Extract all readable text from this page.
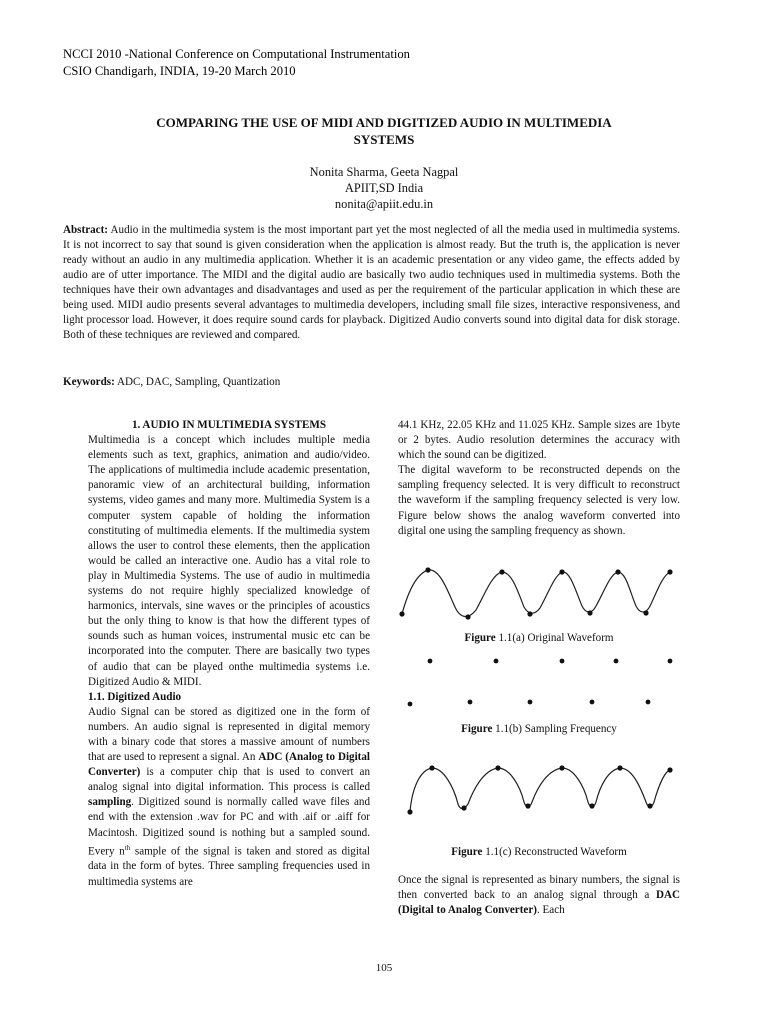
NCCI 2010 -National Conference on Computational Instrumentation
CSIO Chandigarh, INDIA, 19-20 March 2010
COMPARING THE USE OF MIDI AND DIGITIZED AUDIO IN MULTIMEDIA
SYSTEMS
Nonita Sharma, Geeta Nagpal
APIIT,SD India
nonita@apiit.edu.in

Abstract: Audio in the multimedia system is the most important part yet the most neglected of all the media used in multimedia systems. It is not incorrect to say that sound is given consideration when the application is almost ready. But the truth is, the application is never ready without an audio in any multimedia application. Whether it is an academic presentation or any video game, the effects added by audio are of utter importance. The MIDI and the digital audio are basically two audio techniques used in multimedia systems. Both the techniques have their own advantages and disadvantages and used as per the requirement of the particular application in which these are being used. MIDI audio presents several advantages to multimedia developers, including small file sizes, interactive responsiveness, and light processor load. However, it does require sound cards for playback. Digitized Audio converts sound into digital data for disk storage. Both of these techniques are reviewed and compared.

Keywords: ADC, DAC, Sampling, Quantization

1. AUDIO IN MULTIMEDIA SYSTEMS

Multimedia is a concept which includes multiple media elements such as text, graphics, animation and audio/video. The applications of multimedia include academic presentation, panoramic view of an architectural building, information systems, video games and many more. Multimedia System is a computer system capable of holding the information constituting of multimedia elements. If the multimedia system allows the user to control these elements, then the application would be called an interactive one. Audio has a vital role to play in Multimedia Systems. The use of audio in multimedia systems do not require highly specialized knowledge of harmonics, intervals, sine waves or the principles of acoustics but the only thing to know is that how the different types of sounds such as human voices, instrumental music etc can be incorporated into the computer. There are basically two types of audio that can be played onthe multimedia systems i.e. Digitized Audio & MIDI.

1.1. Digitized Audio

Audio Signal can be stored as digitized one in the form of numbers. An audio signal is represented in digital memory with a binary code that stores a massive amount of numbers that are used to represent a signal. An ADC (Analog to Digital Converter) is a computer chip that is used to convert an analog signal into digital information. This process is called sampling. Digitized sound is normally called wave files and end with the extension .wav for PC and with .aif or .aiff for Macintosh. Digitized sound is nothing but a sampled sound. Every $n^{th}$ sample of the signal is taken and stored as digital data in the form of bytes. Three sampling frequencies used in multimedia systems are

44.1 KHz, 22.05 KHz and 11.025 KHz. Sample sizes are 1byte or 2 bytes. Audio resolution determines the accuracy with which the sound can be digitized.

The digital waveform to be reconstructed depends on the sampling frequency selected. It is very difficult to reconstruct the waveform if the sampling frequency selected is very low. Figure below shows the analog waveform converted into digital one using the sampling frequency as shown.

Figure 1.1(a) Original Waveform
Figure 1.1(b) Sampling Frequency
Figure 1.1(c) Reconstructed Waveform

Once the signal is represented as binary numbers, the signal is then converted back to an analog signal through a DAC (Digital to Analog Converter). Each

105
